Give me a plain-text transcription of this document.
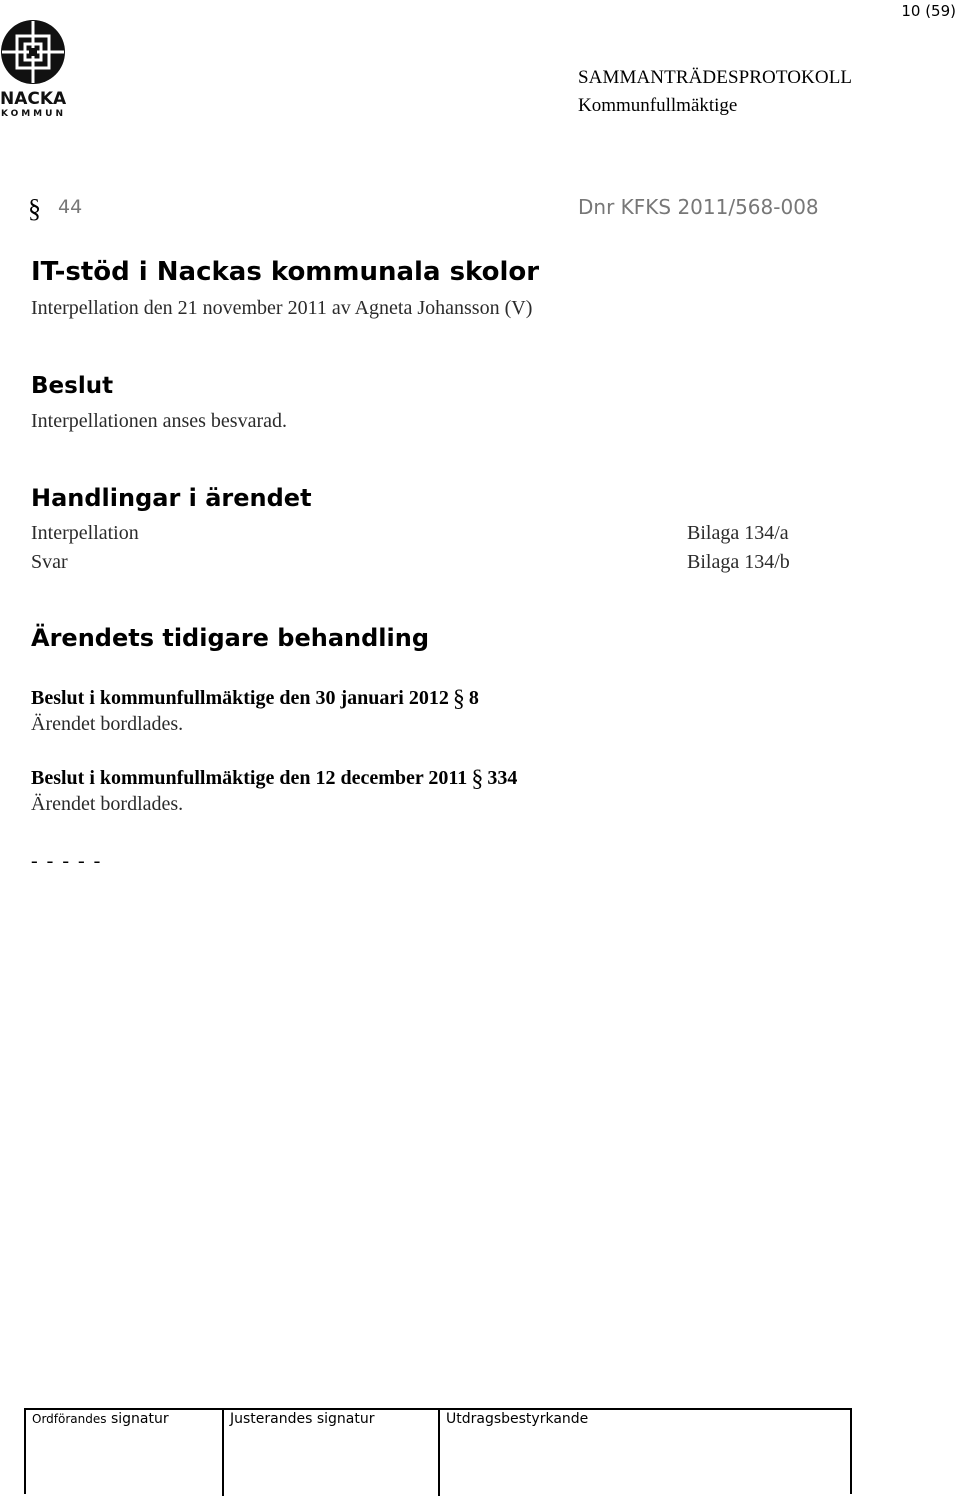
10 (59)
NACKA
KOMMUN
SAMMANTRÄDESPROTOKOLL
Kommunfullmäktige
§ 44	Dnr KFKS 2011/568-008
IT-stöd i Nackas kommunala skolor
Interpellation den 21 november 2011 av Agneta Johansson (V)
Beslut
Interpellationen anses besvarad.
Handlingar i ärendet
Interpellation	Bilaga 134/a
Svar	Bilaga 134/b
Ärendets tidigare behandling
Beslut i kommunfullmäktige den 30 januari 2012 § 8
Ärendet bordlades.
Beslut i kommunfullmäktige den 12 december 2011 § 334
Ärendet bordlades.
- - - - -
Ordförandes signatur	Justerandes signatur	Utdragsbestyrkande
